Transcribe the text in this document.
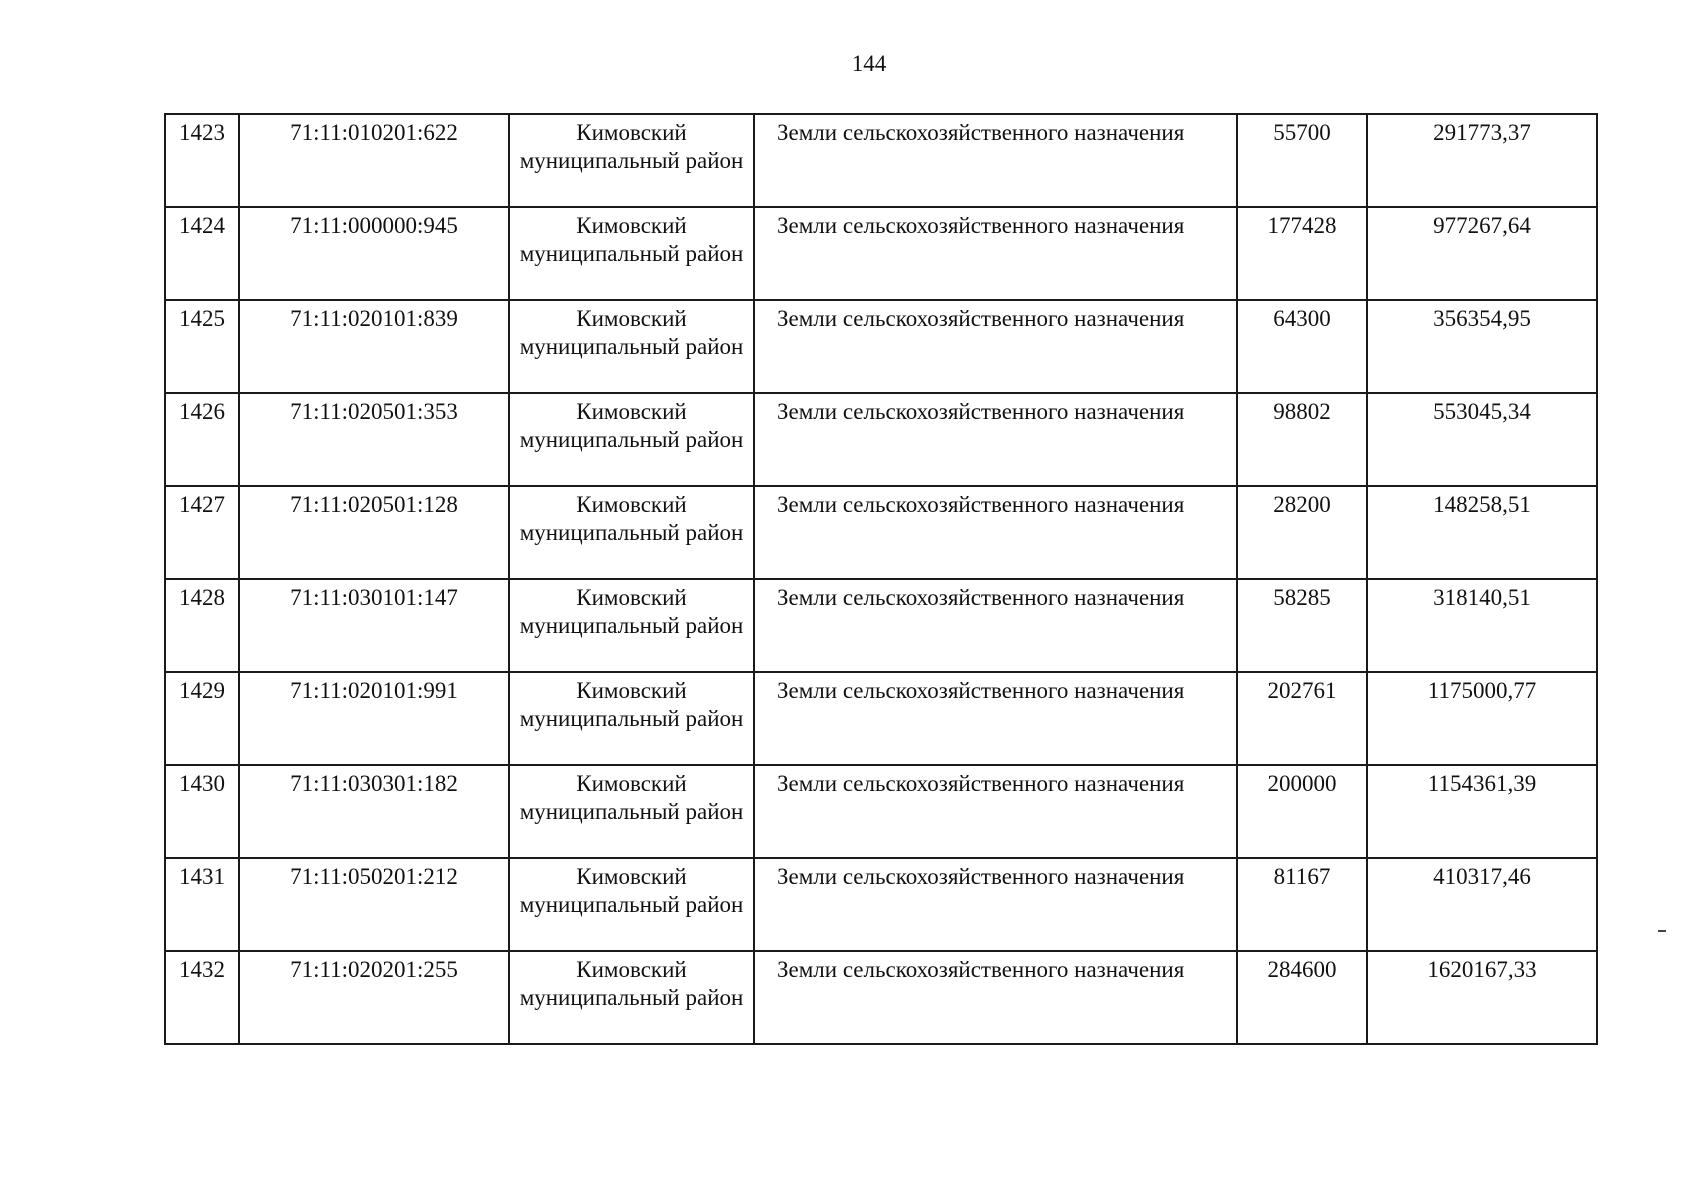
144
1423	71:11:010201:622	Кимовский муниципальный район	Земли сельскохозяйственного назначения	55700	291773,37
1424	71:11:000000:945	Кимовский муниципальный район	Земли сельскохозяйственного назначения	177428	977267,64
1425	71:11:020101:839	Кимовский муниципальный район	Земли сельскохозяйственного назначения	64300	356354,95
1426	71:11:020501:353	Кимовский муниципальный район	Земли сельскохозяйственного назначения	98802	553045,34
1427	71:11:020501:128	Кимовский муниципальный район	Земли сельскохозяйственного назначения	28200	148258,51
1428	71:11:030101:147	Кимовский муниципальный район	Земли сельскохозяйственного назначения	58285	318140,51
1429	71:11:020101:991	Кимовский муниципальный район	Земли сельскохозяйственного назначения	202761	1175000,77
1430	71:11:030301:182	Кимовский муниципальный район	Земли сельскохозяйственного назначения	200000	1154361,39
1431	71:11:050201:212	Кимовский муниципальный район	Земли сельскохозяйственного назначения	81167	410317,46
1432	71:11:020201:255	Кимовский муниципальный район	Земли сельскохозяйственного назначения	284600	1620167,33
